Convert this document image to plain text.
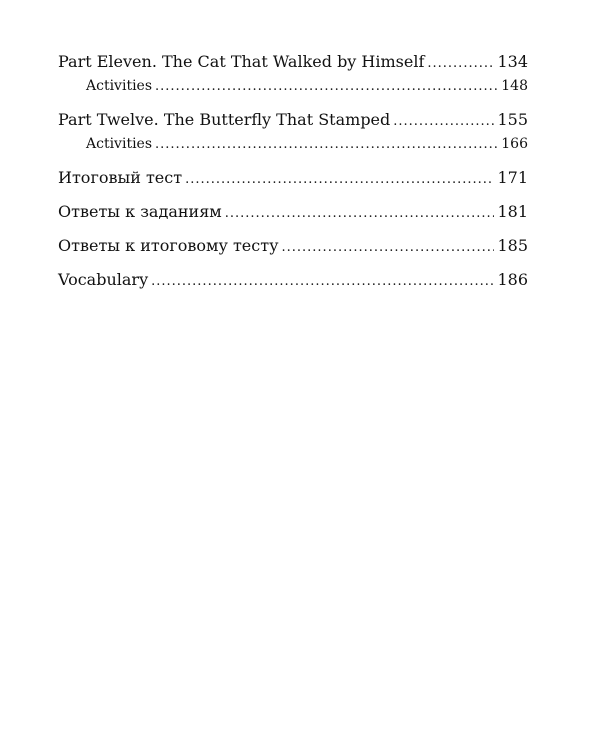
Part Eleven. The Cat That Walked by Himself .....	134
Activities .....	148
Part Twelve. The Butterfly That Stamped .....	155
Activities .....	166
Итоговый тест .....	171
Ответы к заданиям .....	181
Ответы к итоговому тесту .....	185
Vocabulary .....	186
